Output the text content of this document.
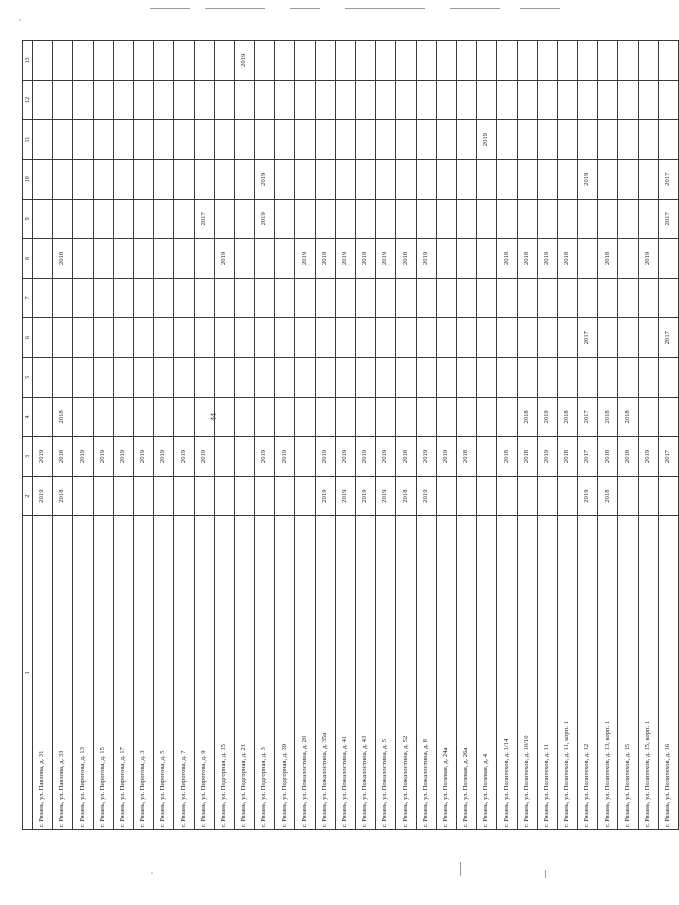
44
1	2	3	4	5	6	7	8	9	10	11	12	13
г. Рязань, ул. Павлова, д. 31	2019	2019										
г. Рязань, ул. Павлова, д. 33	2018	2018	2018				2018					
г. Рязань, ул. Пирогова, д. 13		2019										
г. Рязань, ул. Пирогова, д. 15		2019										
г. Рязань, ул. Пирогова, д. 17		2019										
г. Рязань, ул. Пирогова, д. 3		2019										
г. Рязань, ул. Пирогова, д. 5		2019										
г. Рязань, ул. Пирогова, д. 7		2019										
г. Рязань, ул. Пирогова, д. 9		2019						2017				
г. Рязань, ул. Подгорная, д. 15							2019					
г. Рязань, ул. Подгорная, д. 21												2019
г. Рязань, ул. Подгорная, д. 3		2019						2019	2019			
г. Рязань, ул. Подгорная, д. 39		2019										
г. Рязань, ул. Пожалостина, д. 20							2019					
г. Рязань, ул. Пожалостина, д. 35а	2019	2019					2019					
г. Рязань, ул. Пожалостина, д. 41	2019	2019					2019					
г. Рязань, ул. Пожалостина, д. 43	2019	2019					2019					
г. Рязань, ул. Пожалостина, д. 5	2019	2019					2019					
г. Рязань, ул. Пожалостина, д. 52	2018	2018					2018					
г. Рязань, ул. Пожалостина, д. 8	2019	2019					2019					
г. Рязань, ул. Полевая, д. 24а		2019										
г. Рязань, ул. Полевая, д. 26а		2018										
г. Рязань, ул. Полевая, д. 4										2019		
г. Рязань, ул. Политехов, д. 1/14		2018					2018					
г. Рязань, ул. Политехов, д. 10/10		2018	2018				2018					
г. Рязань, ул. Политехов, д. 11		2019	2019				2019					
г. Рязань, ул. Политехов, д. 11, корп. 1		2018	2018				2018					
г. Рязань, ул. Политехов, д. 12	2019	2017	2017		2017				2019			
г. Рязань, ул. Политехов, д. 13, корп. 1	2018	2018	2018				2018					
г. Рязань, ул. Политехов, д. 15		2018	2018									
г. Рязань, ул. Политехов, д. 15, корп. 1		2019					2019					
г. Рязань, ул. Политехов, д. 16		2017			2017			2017	2017			
